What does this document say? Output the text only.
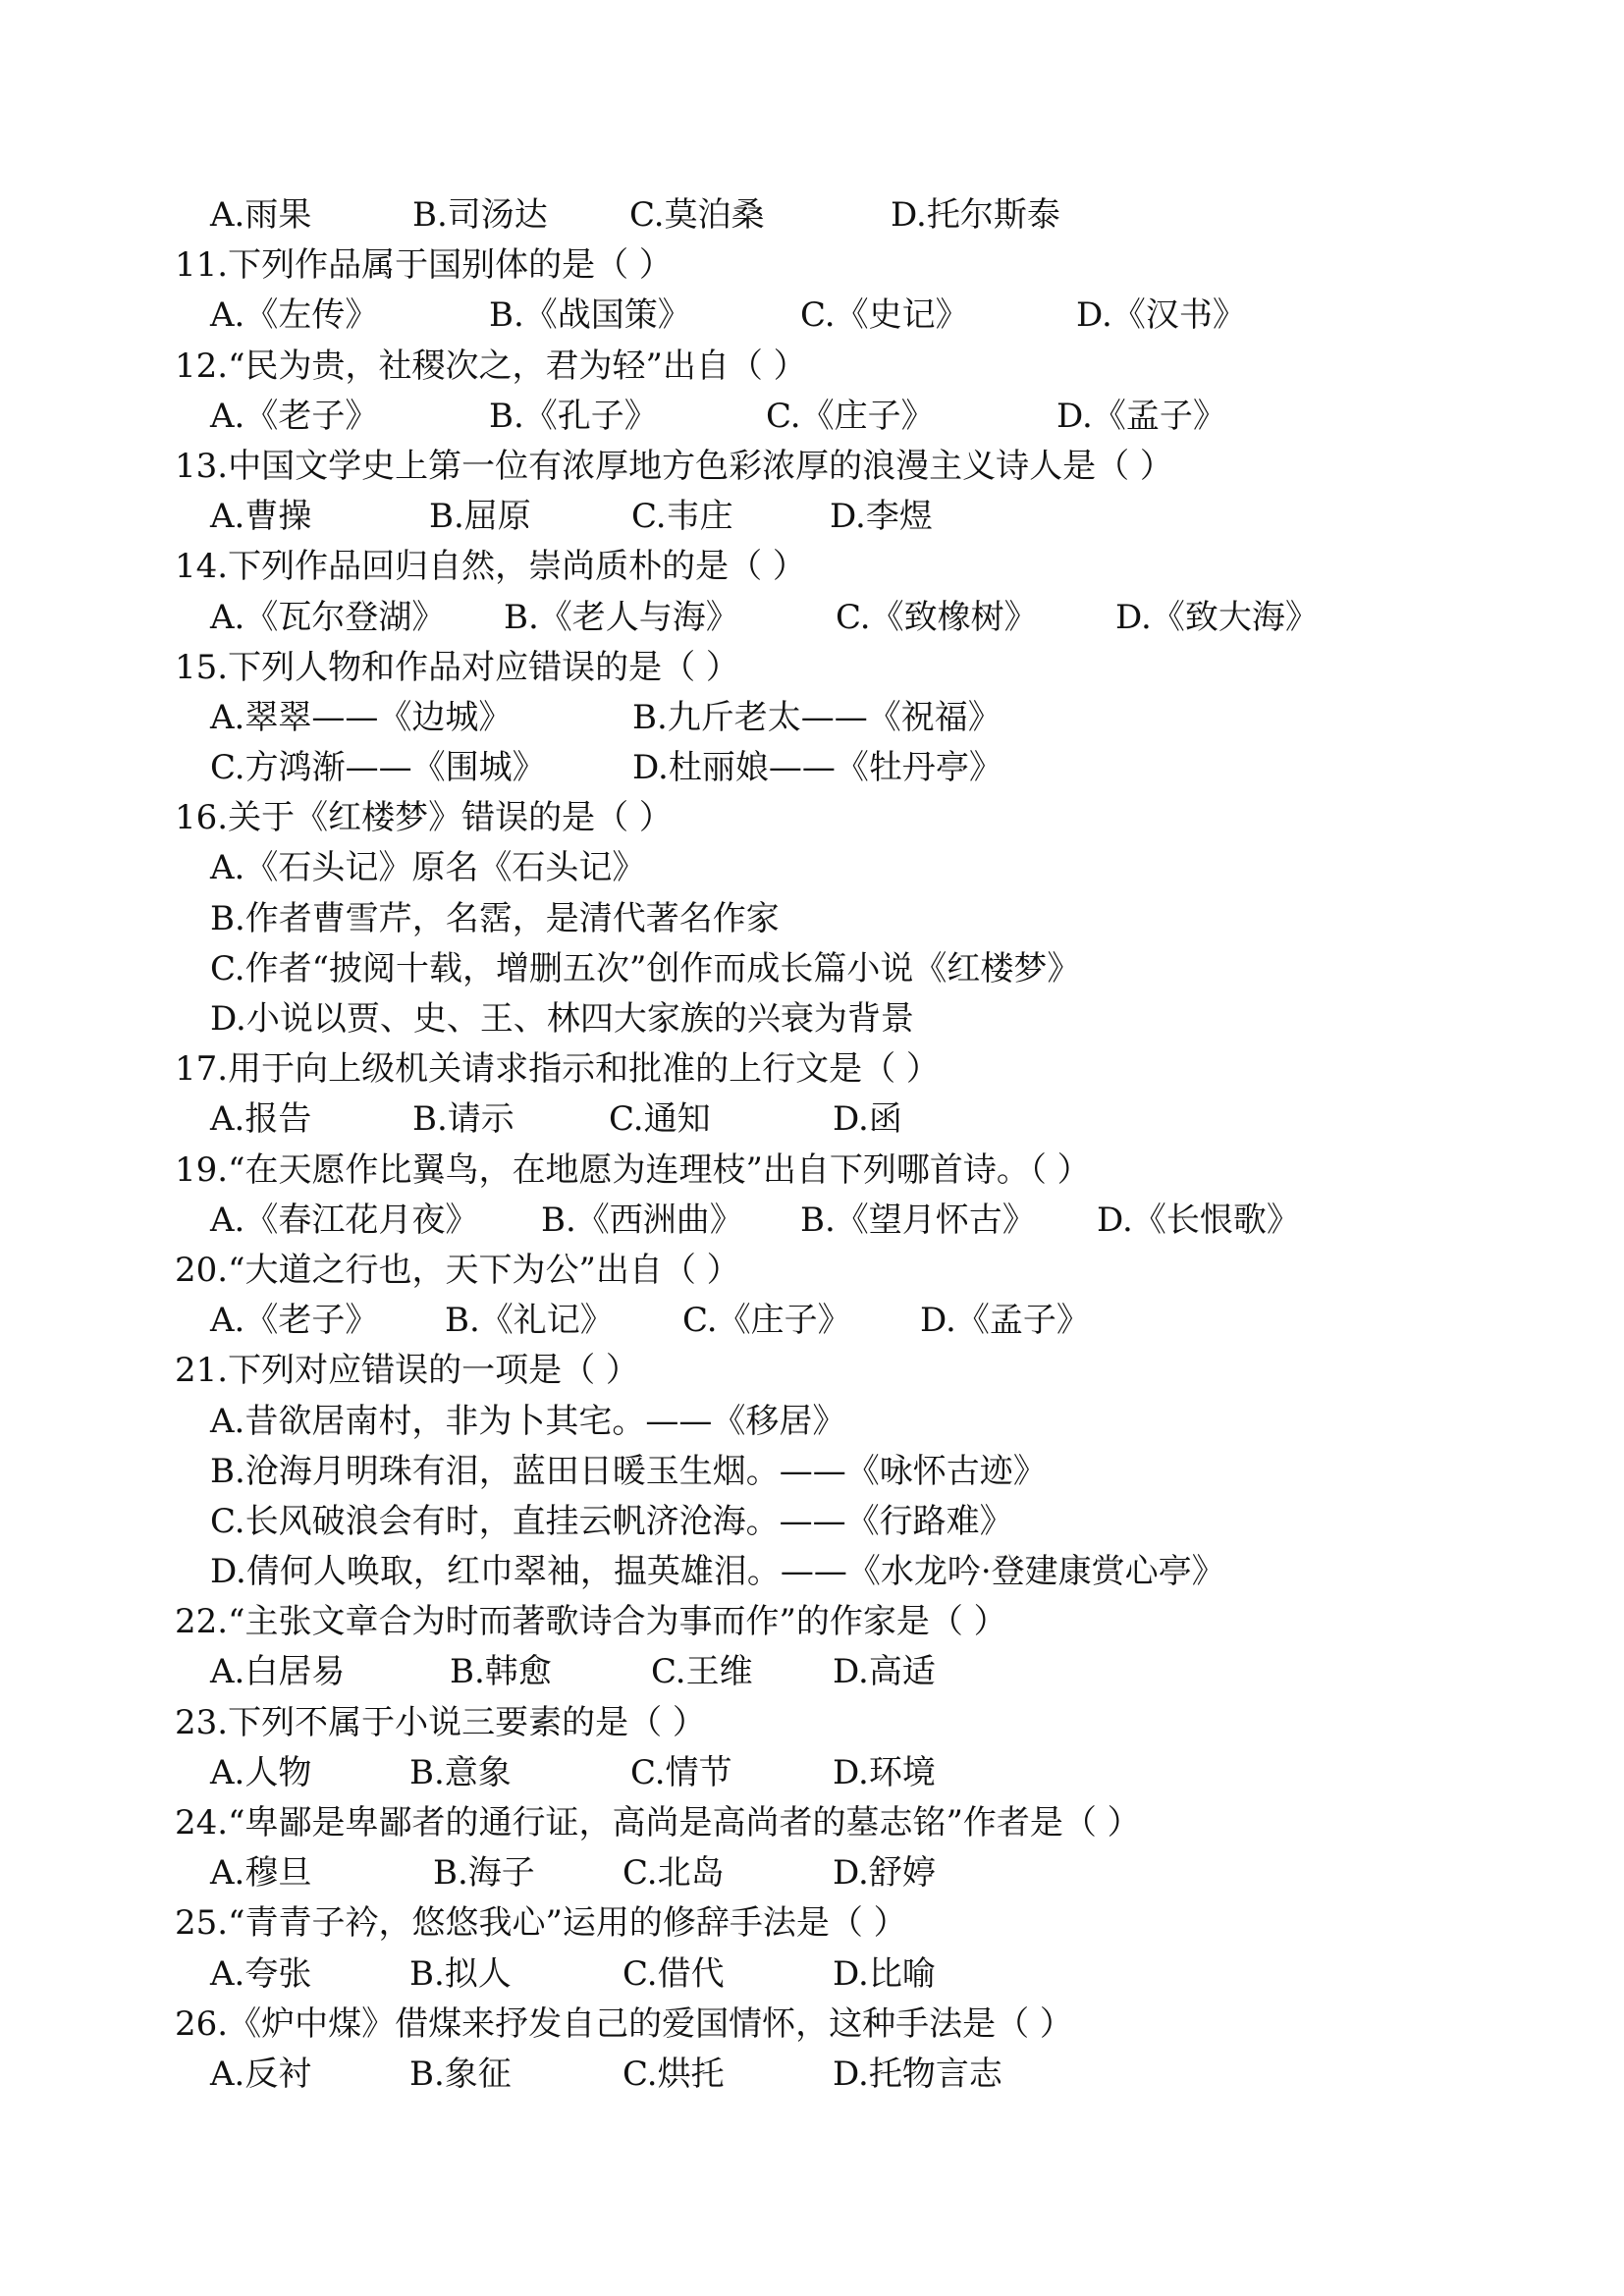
A.雨果	B.司汤达 C.莫泊桑	D.托尔斯泰
11.下列作品属于国别体的是（ ）
A.《左传》	B.《战国策》	C.《史记》	D.《汉书》
12.“民为贵，社稷次之，君为轻”出自（ ）
A.《老子》	B.《孔子》	C.《庄子》	D.《孟子》
13.中国文学史上第一位有浓厚地方色彩浓厚的浪漫主义诗人是（ ）
A.曹操	B.屈原	C.韦庄	D.李煜
14.下列作品回归自然，崇尚质朴的是（ ）
A.《瓦尔登湖》 B.《老人与海》	C.《致橡树》 D.《致大海》
15.下列人物和作品对应错误的是（ ）
A.翠翠——《边城》	B.九斤老太——《祝福》
C.方鸿渐——《围城》	D.杜丽娘——《牡丹亭》
16.关于《红楼梦》错误的是（ ）
A.《石头记》原名《石头记》
B.作者曹雪芹，名霑，是清代著名作家
C.作者“披阅十载，增删五次”创作而成长篇小说《红楼梦》
D.小说以贾、史、王、林四大家族的兴衰为背景
17.用于向上级机关请求指示和批准的上行文是（ ）
A.报告	B.请示	C.通知	D.函
19.“在天愿作比翼鸟，在地愿为连理枝”出自下列哪首诗。（ ）
A.《春江花月夜》 B.《西洲曲》 B.《望月怀古》 D.《长恨歌》
20.“大道之行也，天下为公”出自（ ）
A.《老子》 B.《礼记》 C.《庄子》 D.《孟子》
21.下列对应错误的一项是（ ）
A.昔欲居南村，非为卜其宅。——《移居》
B.沧海月明珠有泪，蓝田日暖玉生烟。——《咏怀古迹》
C.长风破浪会有时，直挂云帆济沧海。——《行路难》
D.倩何人唤取，红巾翠袖，揾英雄泪。——《水龙吟·登建康赏心亭》
22.“主张文章合为时而著歌诗合为事而作”的作家是（ ）
A.白居易	B.韩愈	C.王维 D.高适
23.下列不属于小说三要素的是（ ）
A.人物	B.意象	C.情节	D.环境
24.“卑鄙是卑鄙者的通行证，高尚是高尚者的墓志铭”作者是（ ）
A.穆旦	B.海子	C.北岛	D.舒婷
25.“青青子衿，悠悠我心”运用的修辞手法是（ ）
A.夸张	B.拟人	C.借代	D.比喻
26.《炉中煤》借煤来抒发自己的爱国情怀，这种手法是（ ）
A.反衬	B.象征	C.烘托	D.托物言志
